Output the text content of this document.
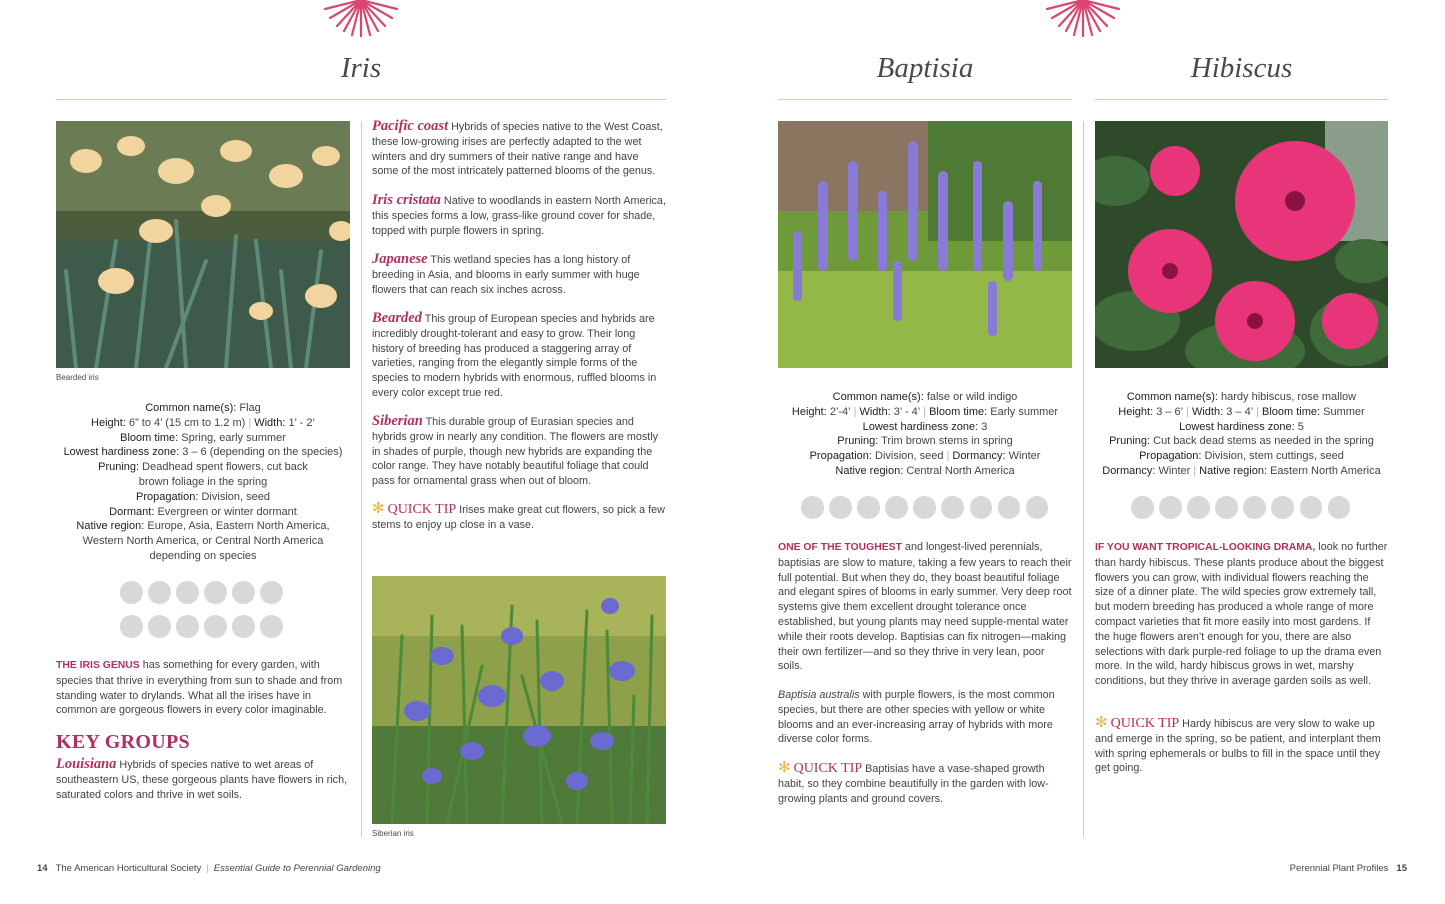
Iris	Baptisia	Hibiscus
Bearded iris
Common name(s): Flag
Height: 6” to 4’ (15 cm to 1.2 m) | Width: 1’ - 2’
Bloom time: Spring, early summer
Lowest hardiness zone: 3 – 6 (depending on the species)
Pruning: Deadhead spent flowers, cut back
brown foliage in the spring
Propagation: Division, seed
Dormant: Evergreen or winter dormant
Native region: Europe, Asia, Eastern North America,
Western North America, or Central North America
depending on species
THE IRIS GENUS has something for every garden, with species that thrive in everything from sun to shade and from standing water to drylands. What all the irises have in common are gorgeous flowers in every color imaginable.
KEY GROUPS
Louisiana Hybrids of species native to wet areas of southeastern US, these gorgeous plants have flowers in rich, saturated colors and thrive in wet soils.
Pacific coast Hybrids of species native to the West Coast, these low-growing irises are perfectly adapted to the wet winters and dry summers of their native range and have some of the most intricately patterned blooms of the genus.
Iris cristata Native to woodlands in eastern North America, this species forms a low, grass-like ground cover for shade, topped with purple flowers in spring.
Japanese This wetland species has a long history of breeding in Asia, and blooms in early summer with huge flowers that can reach six inches across.
Bearded This group of European species and hybrids are incredibly drought-tolerant and easy to grow. Their long history of breeding has produced a staggering array of varieties, ranging from the elegantly simple forms of the species to modern hybrids with enormous, ruffled blooms in every color except true red.
Siberian This durable group of Eurasian species and hybrids grow in nearly any condition. The flowers are mostly in shades of purple, though new hybrids are expanding the color range. They have notably beautiful foliage that could pass for ornamental grass when out of bloom.
✻ QUICK TIP Irises make great cut flowers, so pick a few stems to enjoy up close in a vase.
Siberian iris
14 The American Horticultural Society | Essential Guide to Perennial Gardening
Common name(s): false or wild indigo
Height: 2’-4’ | Width: 3’ - 4’ | Bloom time: Early summer
Lowest hardiness zone: 3
Pruning: Trim brown stems in spring
Propagation: Division, seed | Dormancy: Winter
Native region: Central North America
ONE OF THE TOUGHEST and longest-lived perennials, baptisias are slow to mature, taking a few years to reach their full potential. But when they do, they boast beautiful foliage and elegant spires of blooms in early summer. Very deep root systems give them excellent drought tolerance once established, but young plants may need supple-mental water while their roots develop. Baptisias can fix nitrogen—making their own fertilizer—and so they thrive in very lean, poor soils.
Baptisia australis with purple flowers, is the most common species, but there are other species with yellow or white blooms and an ever-increasing array of hybrids with more diverse color forms.
✻ QUICK TIP Baptisias have a vase-shaped growth habit, so they combine beautifully in the garden with low-growing plants and ground covers.
Common name(s): hardy hibiscus, rose mallow
Height: 3 – 6’ | Width: 3 – 4’ | Bloom time: Summer
Lowest hardiness zone: 5
Pruning: Cut back dead stems as needed in the spring
Propagation: Division, stem cuttings, seed
Dormancy: Winter | Native region: Eastern North America
IF YOU WANT TROPICAL-LOOKING DRAMA, look no further than hardy hibiscus. These plants produce about the biggest flowers you can grow, with individual flowers reaching the size of a dinner plate. The wild species grow extremely tall, but modern breeding has produced a whole range of more compact varieties that fit more easily into most gardens. If the huge flowers aren’t enough for you, there are also selections with dark purple-red foliage to up the drama even more. In the wild, hardy hibiscus grows in wet, marshy conditions, but they thrive in average garden soils as well.
✻ QUICK TIP Hardy hibiscus are very slow to wake up and emerge in the spring, so be patient, and interplant them with spring ephemerals or bulbs to fill in the space until they get going.
Perennial Plant Profiles 15
